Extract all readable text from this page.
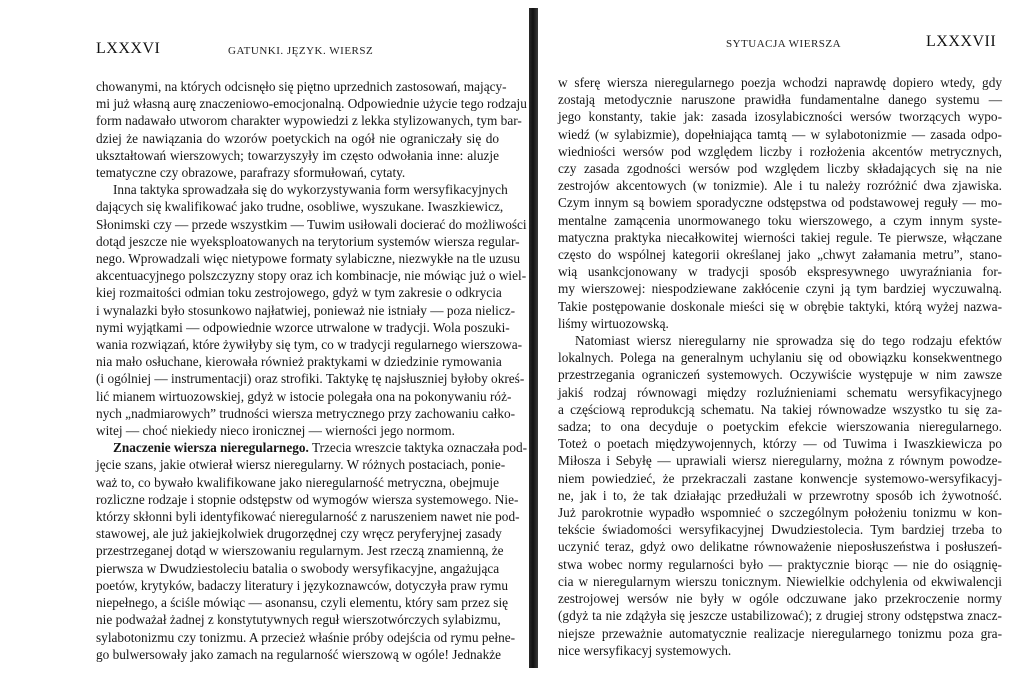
LXXXVI	GATUNKI. JĘZYK. WIERSZ
chowanymi, na których odcisnęło się piętno uprzednich zastosowań, mający-
mi już własną aurę znaczeniowo-emocjonalną. Odpowiednie użycie tego rodzaju
form nadawało utworom charakter wypowiedzi z lekka stylizowanych, tym bar-
dziej że nawiązania do wzorów poetyckich na ogół nie ograniczały się do
ukształtowań wierszowych; towarzyszyły im często odwołania inne: aluzje
tematyczne czy obrazowe, parafrazy sformułowań, cytaty.
Inna taktyka sprowadzała się do wykorzystywania form wersyfikacyjnych
dających się kwalifikować jako trudne, osobliwe, wyszukane. Iwaszkiewicz,
Słonimski czy — przede wszystkim — Tuwim usiłowali docierać do możliwości
dotąd jeszcze nie wyeksploatowanych na terytorium systemów wiersza regular-
nego. Wprowadzali więc nietypowe formaty sylabiczne, niezwykłe na tle uzusu
akcentuacyjnego polszczyzny stopy oraz ich kombinacje, nie mówiąc już o wiel-
kiej rozmaitości odmian toku zestrojowego, gdyż w tym zakresie o odkrycia
i wynalazki było stosunkowo najłatwiej, ponieważ nie istniały — poza nielicz-
nymi wyjątkami — odpowiednie wzorce utrwalone w tradycji. Wola poszuki-
wania rozwiązań, które żywiłyby się tym, co w tradycji regularnego wierszowa-
nia mało osłuchane, kierowała również praktykami w dziedzinie rymowania
(i ogólniej — instrumentacji) oraz strofiki. Taktykę tę najsłuszniej byłoby okreś-
lić mianem wirtuozowskiej, gdyż w istocie polegała ona na pokonywaniu róż-
nych „nadmiarowych” trudności wiersza metrycznego przy zachowaniu całko-
witej — choć niekiedy nieco ironicznej — wierności jego normom.
Znaczenie wiersza nieregularnego. Trzecia wreszcie taktyka oznaczała pod-
jęcie szans, jakie otwierał wiersz nieregularny. W różnych postaciach, ponie-
waż to, co bywało kwalifikowane jako nieregularność metryczna, obejmuje
rozliczne rodzaje i stopnie odstępstw od wymogów wiersza systemowego. Nie-
którzy skłonni byli identyfikować nieregularność z naruszeniem nawet nie pod-
stawowej, ale już jakiejkolwiek drugorzędnej czy wręcz peryferyjnej zasady
przestrzeganej dotąd w wierszowaniu regularnym. Jest rzeczą znamienną, że
pierwsza w Dwudziestoleciu batalia o swobody wersyfikacyjne, angażująca
poetów, krytyków, badaczy literatury i językoznawców, dotyczyła praw rymu
niepełnego, a ściśle mówiąc — asonansu, czyli elementu, który sam przez się
nie podważał żadnej z konstytutywnych reguł wierszotwórczych sylabizmu,
sylabotonizmu czy tonizmu. A przecież właśnie próby odejścia od rymu pełne-
go bulwersowały jako zamach na regularność wierszową w ogóle! Jednakże
SYTUACJA WIERSZA	LXXXVII
w sferę wiersza nieregularnego poezja wchodzi naprawdę dopiero wtedy, gdy
zostają metodycznie naruszone prawidła fundamentalne danego systemu —
jego konstanty, takie jak: zasada izosylabiczności wersów tworzących wypo-
wiedź (w sylabizmie), dopełniająca tamtą — w sylabotonizmie — zasada odpo-
wiedniości wersów pod względem liczby i rozłożenia akcentów metrycznych,
czy zasada zgodności wersów pod względem liczby składających się na nie
zestrojów akcentowych (w tonizmie). Ale i tu należy rozróżnić dwa zjawiska.
Czym innym są bowiem sporadyczne odstępstwa od podstawowej reguły — mo-
mentalne zamącenia unormowanego toku wierszowego, a czym innym syste-
matyczna praktyka niecałkowitej wierności takiej regule. Te pierwsze, włączane
często do wspólnej kategorii określanej jako „chwyt załamania metru”, stano-
wią usankcjonowany w tradycji sposób ekspresywnego uwyraźniania for-
my wierszowej: niespodziewane zakłócenie czyni ją tym bardziej wyczuwalną.
Takie postępowanie doskonale mieści się w obrębie taktyki, którą wyżej nazwa-
liśmy wirtuozowską.
Natomiast wiersz nieregularny nie sprowadza się do tego rodzaju efektów
lokalnych. Polega na generalnym uchylaniu się od obowiązku konsekwentnego
przestrzegania ograniczeń systemowych. Oczywiście występuje w nim zawsze
jakiś rodzaj równowagi między rozluźnieniami schematu wersyfikacyjnego
a częściową reprodukcją schematu. Na takiej równowadze wszystko tu się za-
sadza; to ona decyduje o poetyckim efekcie wierszowania nieregularnego.
Toteż o poetach międzywojennych, którzy — od Tuwima i Iwaszkiewicza po
Miłosza i Sebyłę — uprawiali wiersz nieregularny, można z równym powodze-
niem powiedzieć, że przekraczali zastane konwencje systemowo-wersyfikacyj-
ne, jak i to, że tak działając przedłużali w przewrotny sposób ich żywotność.
Już parokrotnie wypadło wspomnieć o szczególnym położeniu tonizmu w kon-
tekście świadomości wersyfikacyjnej Dwudziestolecia. Tym bardziej trzeba to
uczynić teraz, gdyż owo delikatne równoważenie nieposłuszeństwa i posłuszeń-
stwa wobec normy regularności było — praktycznie biorąc — nie do osiągnię-
cia w nieregularnym wierszu tonicznym. Niewielkie odchylenia od ekwiwalencji
zestrojowej wersów nie były w ogóle odczuwane jako przekroczenie normy
(gdyż ta nie zdążyła się jeszcze ustabilizować); z drugiej strony odstępstwa znacz-
niejsze przeważnie automatycznie realizacje nieregularnego tonizmu poza gra-
nice wersyfikacyj systemowych.
